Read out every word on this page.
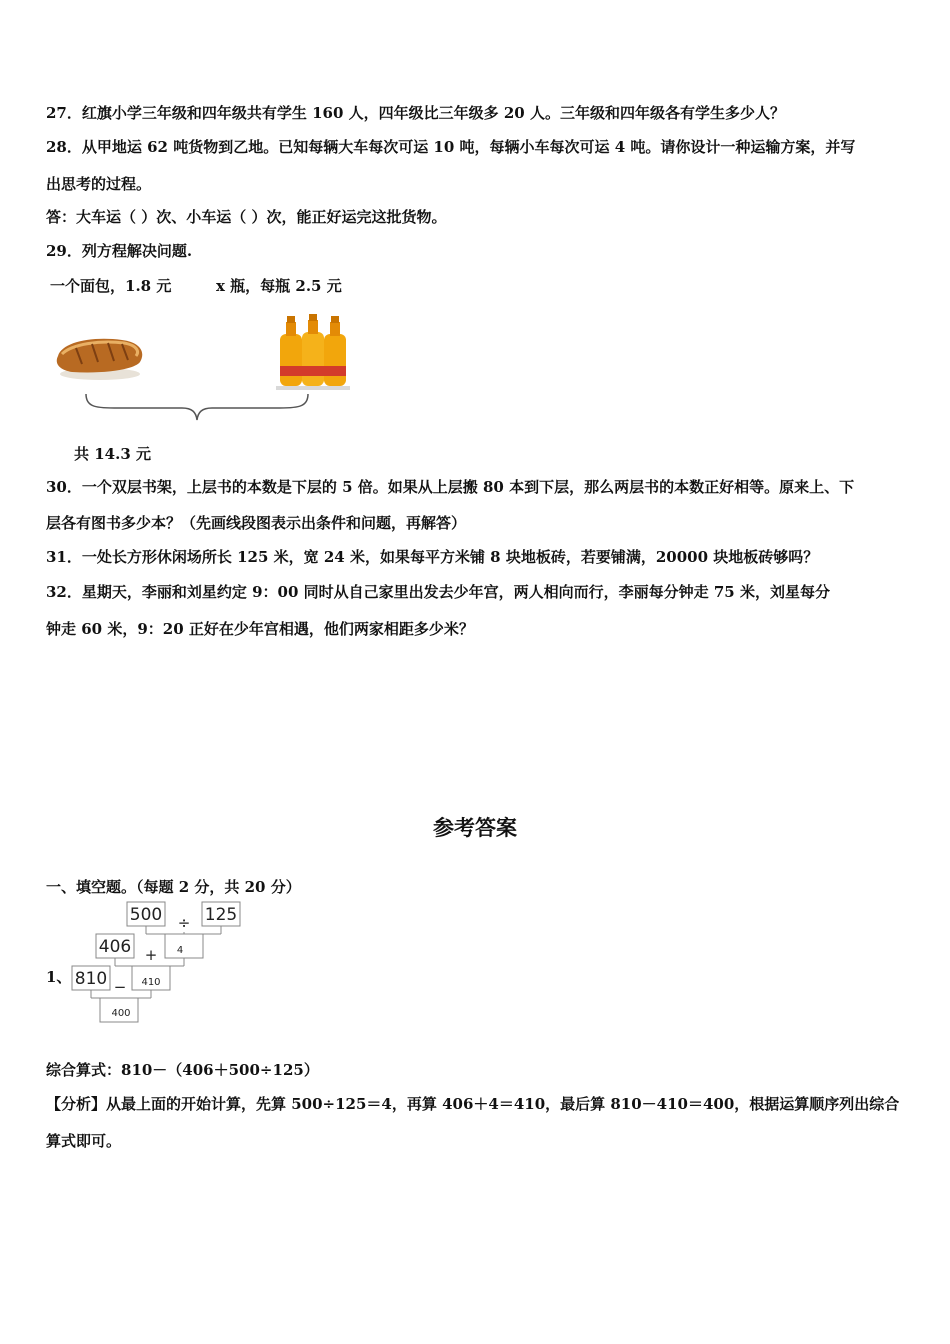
27．红旗小学三年级和四年级共有学生 160 人，四年级比三年级多 20 人。三年级和四年级各有学生多少人？
28．从甲地运 62 吨货物到乙地。已知每辆大车每次可运 10 吨，每辆小车每次可运 4 吨。请你设计一种运输方案，并写
出思考的过程。
答：大车运（ ）次、小车运（ ）次，能正好运完这批货物。
29．列方程解决问题.
一个面包，1.8 元	x 瓶，每瓶 2.5 元
共 14.3 元
30．一个双层书架，上层书的本数是下层的 5 倍。如果从上层搬 80 本到下层，那么两层书的本数正好相等。原来上、下
层各有图书多少本？（先画线段图表示出条件和问题，再解答）
31．一处长方形休闲场所长 125 米，宽 24 米，如果每平方米铺 8 块地板砖，若要铺满，20000 块地板砖够吗？
32．星期天，李丽和刘星约定 9：00 同时从自己家里出发去少年宫，两人相向而行，李丽每分钟走 75 米，刘星每分
钟走 60 米，9：20 正好在少年宫相遇，他们两家相距多少米？
参考答案
一、填空题。（每题 2 分，共 20 分）
1、
500 ÷ 125
406 + 4
810 − 410
400
综合算式：810－（406＋500÷125）
【分析】从最上面的开始计算，先算 500÷125＝4，再算 406＋4＝410，最后算 810－410＝400，根据运算顺序列出综合
算式即可。
